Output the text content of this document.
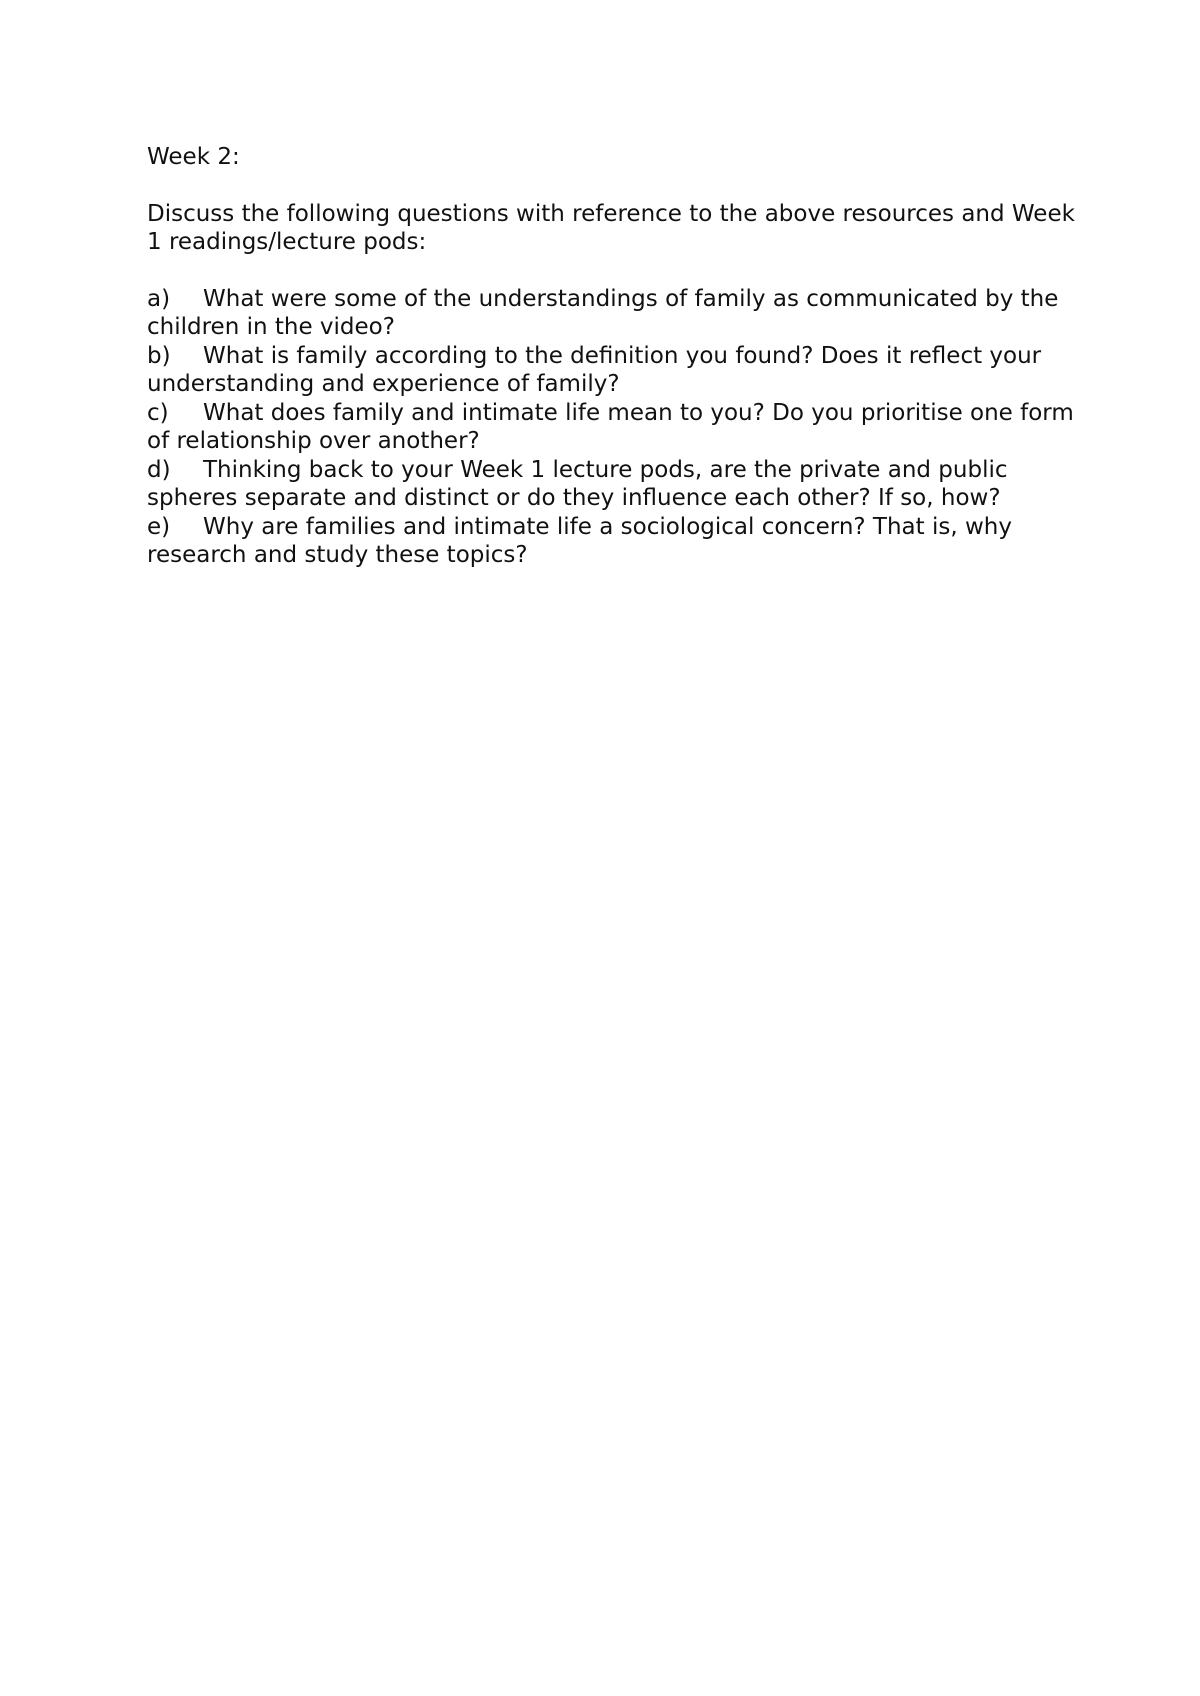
Week 2:

Discuss the following questions with reference to the above resources and Week 1 readings/lecture pods:

a) What were some of the understandings of family as communicated by the children in the video?
b) What is family according to the definition you found? Does it reflect your understanding and experience of family?
c) What does family and intimate life mean to you? Do you prioritise one form of relationship over another?
d) Thinking back to your Week 1 lecture pods, are the private and public spheres separate and distinct or do they influence each other? If so, how?
e) Why are families and intimate life a sociological concern? That is, why research and study these topics?
